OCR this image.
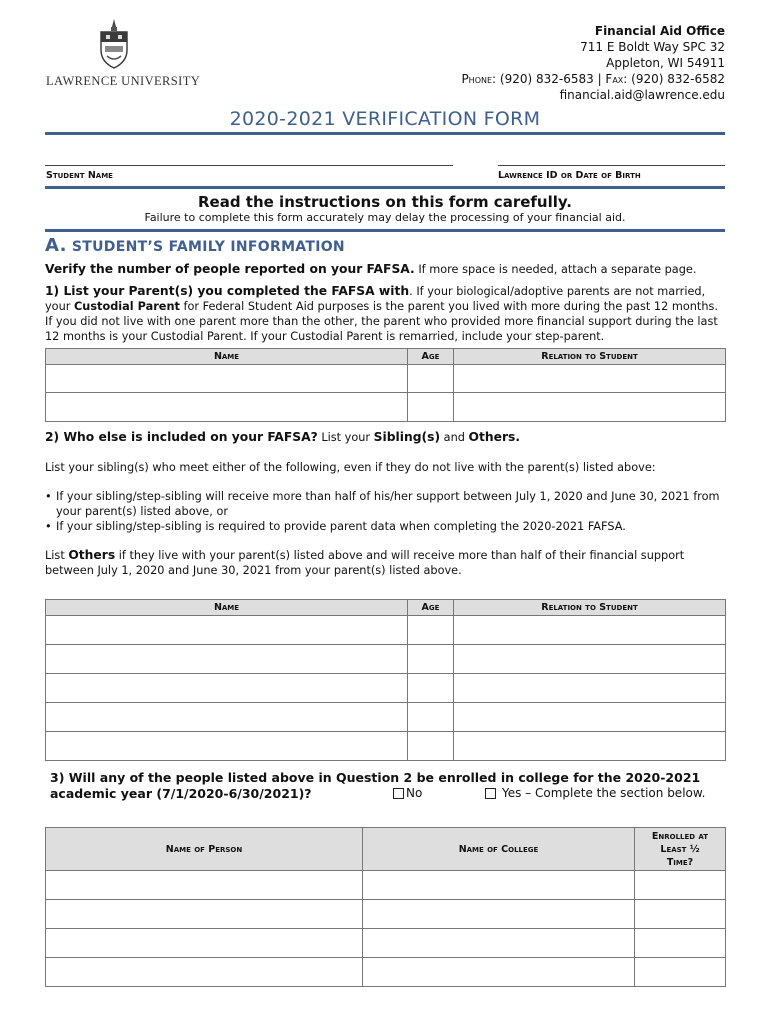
LAWRENCE UNIVERSITY
Financial Aid Office
711 E Boldt Way SPC 32
Appleton, WI 54911
Phone: (920) 832-6583 | Fax: (920) 832-6582
financial.aid@lawrence.edu
2020-2021 VERIFICATION FORM
Student Name	Lawrence ID or Date of Birth
Read the instructions on this form carefully.
Failure to complete this form accurately may delay the processing of your financial aid.
A. STUDENT’S FAMILY INFORMATION
Verify the number of people reported on your FAFSA. If more space is needed, attach a separate page.
1) List your Parent(s) you completed the FAFSA with. If your biological/adoptive parents are not married, your Custodial Parent for Federal Student Aid purposes is the parent you lived with more during the past 12 months. If you did not live with one parent more than the other, the parent who provided more financial support during the last 12 months is your Custodial Parent. If your Custodial Parent is remarried, include your step-parent.
Name	Age	Relation to Student

2) Who else is included on your FAFSA? List your Sibling(s) and Others.
List your sibling(s) who meet either of the following, even if they do not live with the parent(s) listed above:
• If your sibling/step-sibling will receive more than half of his/her support between July 1, 2020 and June 30, 2021 from your parent(s) listed above, or
• If your sibling/step-sibling is required to provide parent data when completing the 2020-2021 FAFSA.
List Others if they live with your parent(s) listed above and will receive more than half of their financial support between July 1, 2020 and June 30, 2021 from your parent(s) listed above.
Name	Age	Relation to Student

3) Will any of the people listed above in Question 2 be enrolled in college for the 2020-2021
academic year (7/1/2020-6/30/2021)?	No	Yes – Complete the section below.
Name of Person	Name of College	Enrolled at
Least ½
Time?
